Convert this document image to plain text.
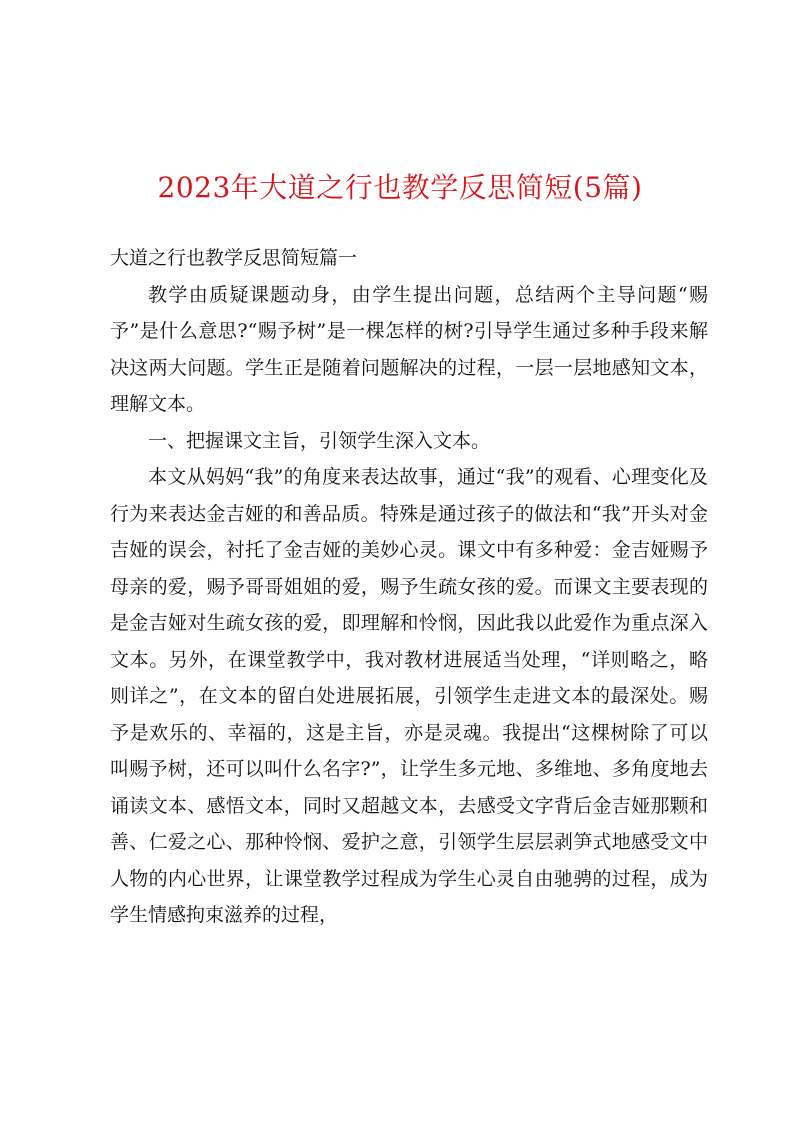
2023年大道之行也教学反思简短(5篇)

大道之行也教学反思简短篇一

教学由质疑课题动身，由学生提出问题，总结两个主导问题“赐予”是什么意思?“赐予树”是一棵怎样的树?引导学生通过多种手段来解决这两大问题。学生正是随着问题解决的过程，一层一层地感知文本，理解文本。

一、把握课文主旨，引领学生深入文本。

本文从妈妈“我”的角度来表达故事，通过“我”的观看、心理变化及行为来表达金吉娅的和善品质。特殊是通过孩子的做法和“我”开头对金吉娅的误会，衬托了金吉娅的美妙心灵。课文中有多种爱：金吉娅赐予母亲的爱，赐予哥哥姐姐的爱，赐予生疏女孩的爱。而课文主要表现的是金吉娅对生疏女孩的爱，即理解和怜悯，因此我以此爱作为重点深入文本。另外，在课堂教学中，我对教材进展适当处理，“详则略之，略则详之”，在文本的留白处进展拓展，引领学生走进文本的最深处。赐予是欢乐的、幸福的，这是主旨，亦是灵魂。我提出“这棵树除了可以叫赐予树，还可以叫什么名字?”，让学生多元地、多维地、多角度地去诵读文本、感悟文本，同时又超越文本，去感受文字背后金吉娅那颗和善、仁爱之心、那种怜悯、爱护之意，引领学生层层剥笋式地感受文中人物的内心世界，让课堂教学过程成为学生心灵自由驰骋的过程，成为学生情感拘束滋养的过程，
